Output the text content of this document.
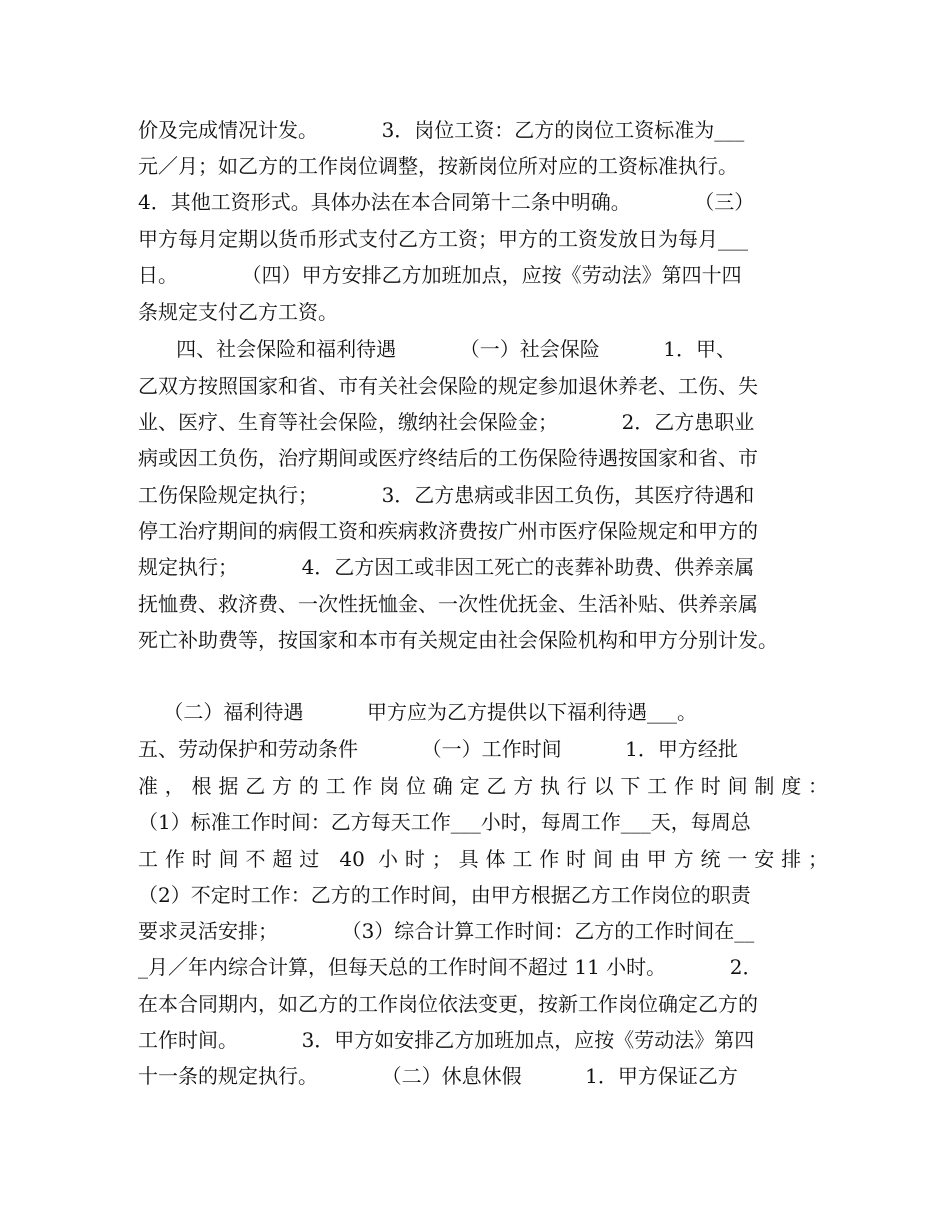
价及完成情况计发。          3．岗位工资：乙方的岗位工资标准为___
元／月；如乙方的工作岗位调整，按新岗位所对应的工资标准执行。
4．其他工资形式。具体办法在本合同第十二条中明确。          （三）
甲方每月定期以货币形式支付乙方工资；甲方的工资发放日为每月___
日。          （四）甲方安排乙方加班加点，应按《劳动法》第四十四
条规定支付乙方工资。
四、社会保险和福利待遇          （一）社会保险          1．甲、
乙双方按照国家和省、市有关社会保险的规定参加退休养老、工伤、失
业、医疗、生育等社会保险，缴纳社会保险金；          2．乙方患职业
病或因工负伤，治疗期间或医疗终结后的工伤保险待遇按国家和省、市
工伤保险规定执行；          3．乙方患病或非因工负伤，其医疗待遇和
停工治疗期间的病假工资和疾病救济费按广州市医疗保险规定和甲方的
规定执行；          4．乙方因工或非因工死亡的丧葬补助费、供养亲属
抚恤费、救济费、一次性抚恤金、一次性优抚金、生活补贴、供养亲属
死亡补助费等，按国家和本市有关规定由社会保险机构和甲方分别计发。
（二）福利待遇          甲方应为乙方提供以下福利待遇___。
五、劳动保护和劳动条件          （一）工作时间          1．甲方经批
准，根据乙方的工作岗位确定乙方执行以下工作时间制度：
（1）标准工作时间：乙方每天工作___小时，每周工作___天，每周总
工作时间不超过 40 小时；具体工作时间由甲方统一安排；
（2）不定时工作：乙方的工作时间，由甲方根据乙方工作岗位的职责
要求灵活安排；          （3）综合计算工作时间：乙方的工作时间在__
_月／年内综合计算，但每天总的工作时间不超过 11 小时。          2．
在本合同期内，如乙方的工作岗位依法变更，按新工作岗位确定乙方的
工作时间。          3．甲方如安排乙方加班加点，应按《劳动法》第四
十一条的规定执行。          （二）休息休假          1．甲方保证乙方
